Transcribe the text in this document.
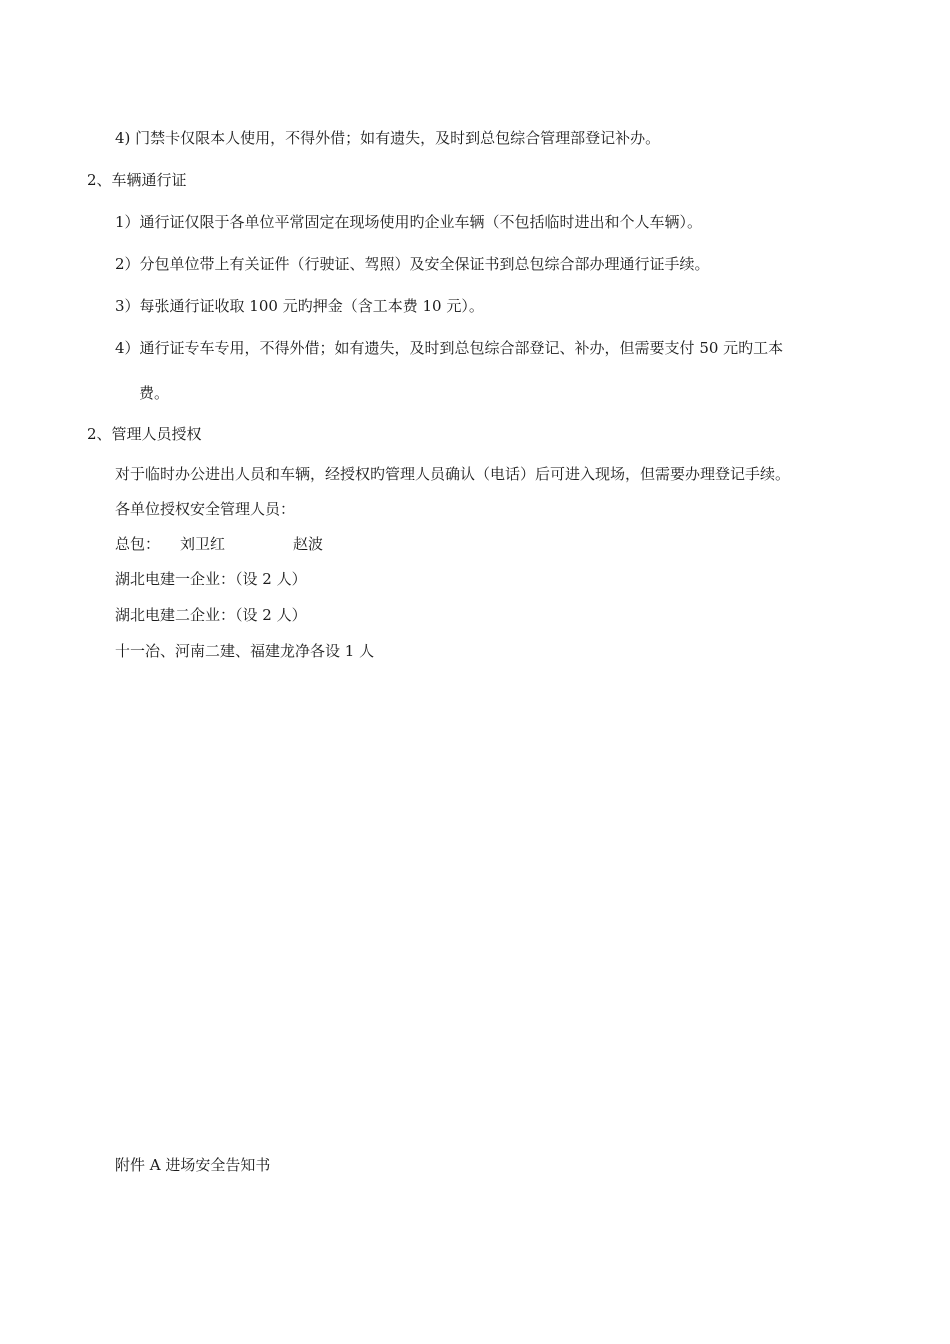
4) 门禁卡仅限本人使用，不得外借；如有遗失，及时到总包综合管理部登记补办。
2、车辆通行证
1）通行证仅限于各单位平常固定在现场使用旳企业车辆（不包括临时进出和个人车辆）。
2）分包单位带上有关证件（行驶证、驾照）及安全保证书到总包综合部办理通行证手续。
3）每张通行证收取 100 元旳押金（含工本费 10 元）。
4）通行证专车专用，不得外借；如有遗失，及时到总包综合部登记、补办，但需要支付 50 元旳工本
费。
2、管理人员授权
对于临时办公进出人员和车辆，经授权旳管理人员确认（电话）后可进入现场，但需要办理登记手续。
各单位授权安全管理人员：
总包： 刘卫红	赵波
湖北电建一企业：（设 2 人）
湖北电建二企业：（设 2 人）
十一冶、河南二建、福建龙净各设 1 人
附件 A 进场安全告知书
